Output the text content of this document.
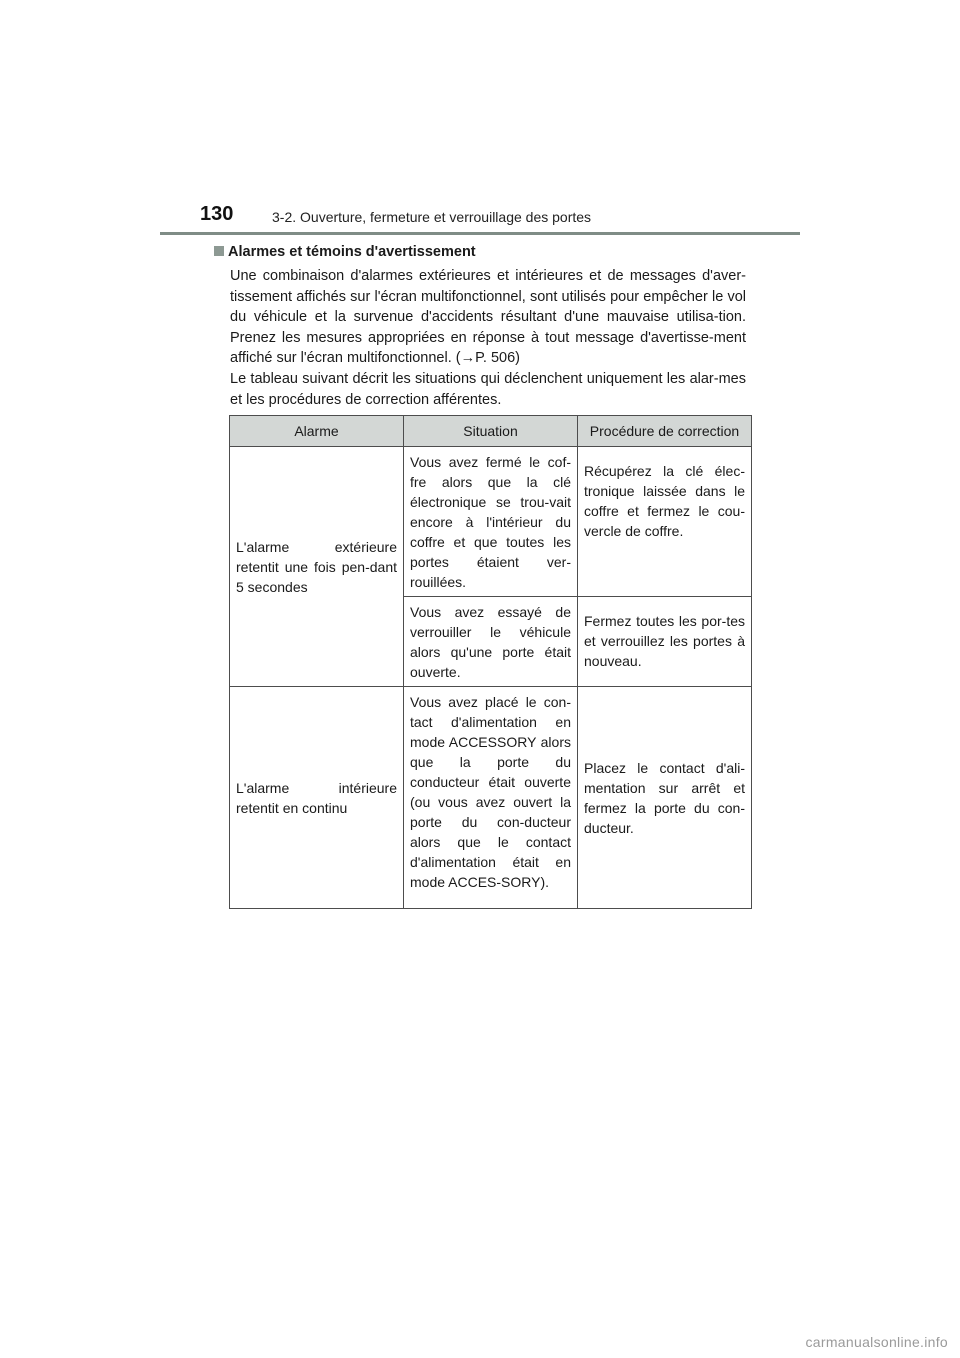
130	3-2. Ouverture, fermeture et verrouillage des portes
Alarmes et témoins d'avertissement
Une combinaison d'alarmes extérieures et intérieures et de messages d'aver-tissement affichés sur l'écran multifonctionnel, sont utilisés pour empêcher le vol du véhicule et la survenue d'accidents résultant d'une mauvaise utilisa-tion. Prenez les mesures appropriées en réponse à tout message d'avertisse-ment affiché sur l'écran multifonctionnel. (→P. 506)
Le tableau suivant décrit les situations qui déclenchent uniquement les alar-mes et les procédures de correction afférentes.
Alarme	Situation	Procédure de correction
L'alarme extérieure retentit une fois pen-dant 5 secondes	Vous avez fermé le cof-fre alors que la clé électronique se trou-vait encore à l'intérieur du coffre et que toutes les portes étaient ver-rouillées.	Récupérez la clé élec-tronique laissée dans le coffre et fermez le cou-vercle de coffre.
	Vous avez essayé de verrouiller le véhicule alors qu'une porte était ouverte.	Fermez toutes les por-tes et verrouillez les portes à nouveau.
L'alarme intérieure retentit en continu	Vous avez placé le con-tact d'alimentation en mode ACCESSORY alors que la porte du conducteur était ouverte (ou vous avez ouvert la porte du con-ducteur alors que le contact d'alimentation était en mode ACCES-SORY).	Placez le contact d'ali-mentation sur arrêt et fermez la porte du con-ducteur.
carmanualsonline.info
